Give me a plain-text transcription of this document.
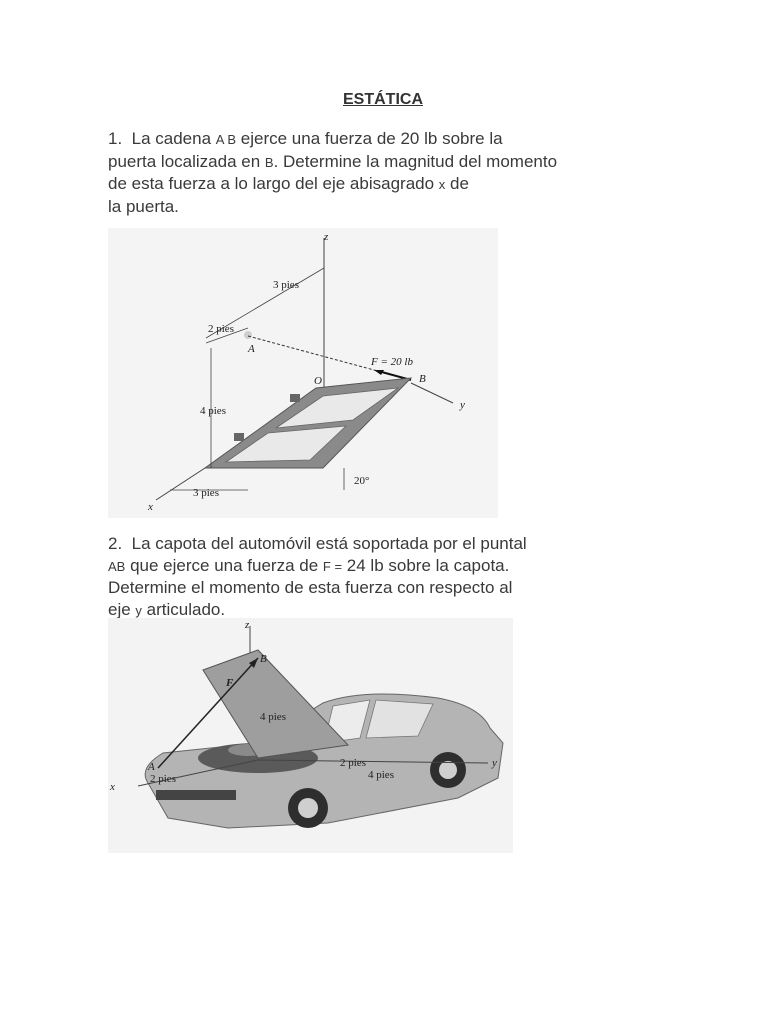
ESTÁTICA
1. La cadena A B ejerce una fuerza de 20 lb sobre la
puerta localizada en B. Determine la magnitud del momento
de esta fuerza a lo largo del eje abisagrado x de
la puerta.
z
3 pies
2 pies
A
F = 20 lb
O	B
y
4 pies
x
3 pies
20°
2. La capota del automóvil está soportada por el puntal
AB que ejerce una fuerza de F = 24 lb sobre la capota.
Determine el momento de esta fuerza con respecto al
eje y articulado.
z
F
B
4 pies
A
x
y
2 pies
2 pies
4 pies
